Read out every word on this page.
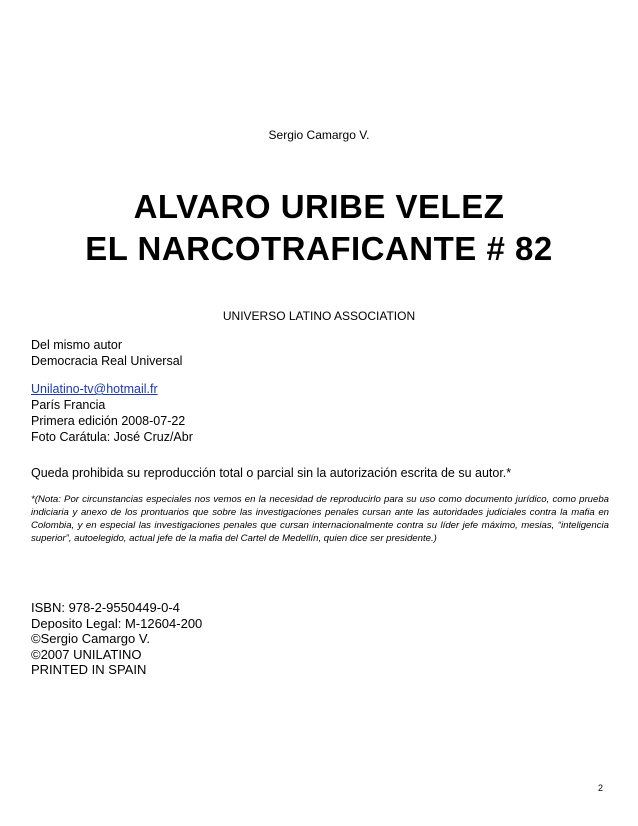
Sergio Camargo V.
ALVARO URIBE VELEZ
EL NARCOTRAFICANTE # 82
UNIVERSO LATINO ASSOCIATION
Del mismo autor
Democracia Real Universal
Unilatino-tv@hotmail.fr
París Francia
Primera edición 2008-07-22
Foto Carátula: José Cruz/Abr
Queda prohibida su reproducción total o parcial sin la autorización escrita de su autor.*
*(Nota: Por circunstancias especiales nos vemos en la necesidad de reproducirlo para su uso como documento jurídico, como prueba indiciaria y anexo de los prontuarios que sobre las investigaciones penales cursan ante las autoridades judiciales contra la mafia en Colombia, y en especial las investigaciones penales que cursan internacionalmente contra su líder jefe máximo, mesias, “inteligencia superior”, autoelegido, actual jefe de la mafia del Cartel de Medellín, quien dice ser presidente.)
ISBN: 978-2-9550449-0-4
Deposito Legal: M-12604-200
©Sergio Camargo V.
©2007 UNILATINO
PRINTED IN SPAIN
2
